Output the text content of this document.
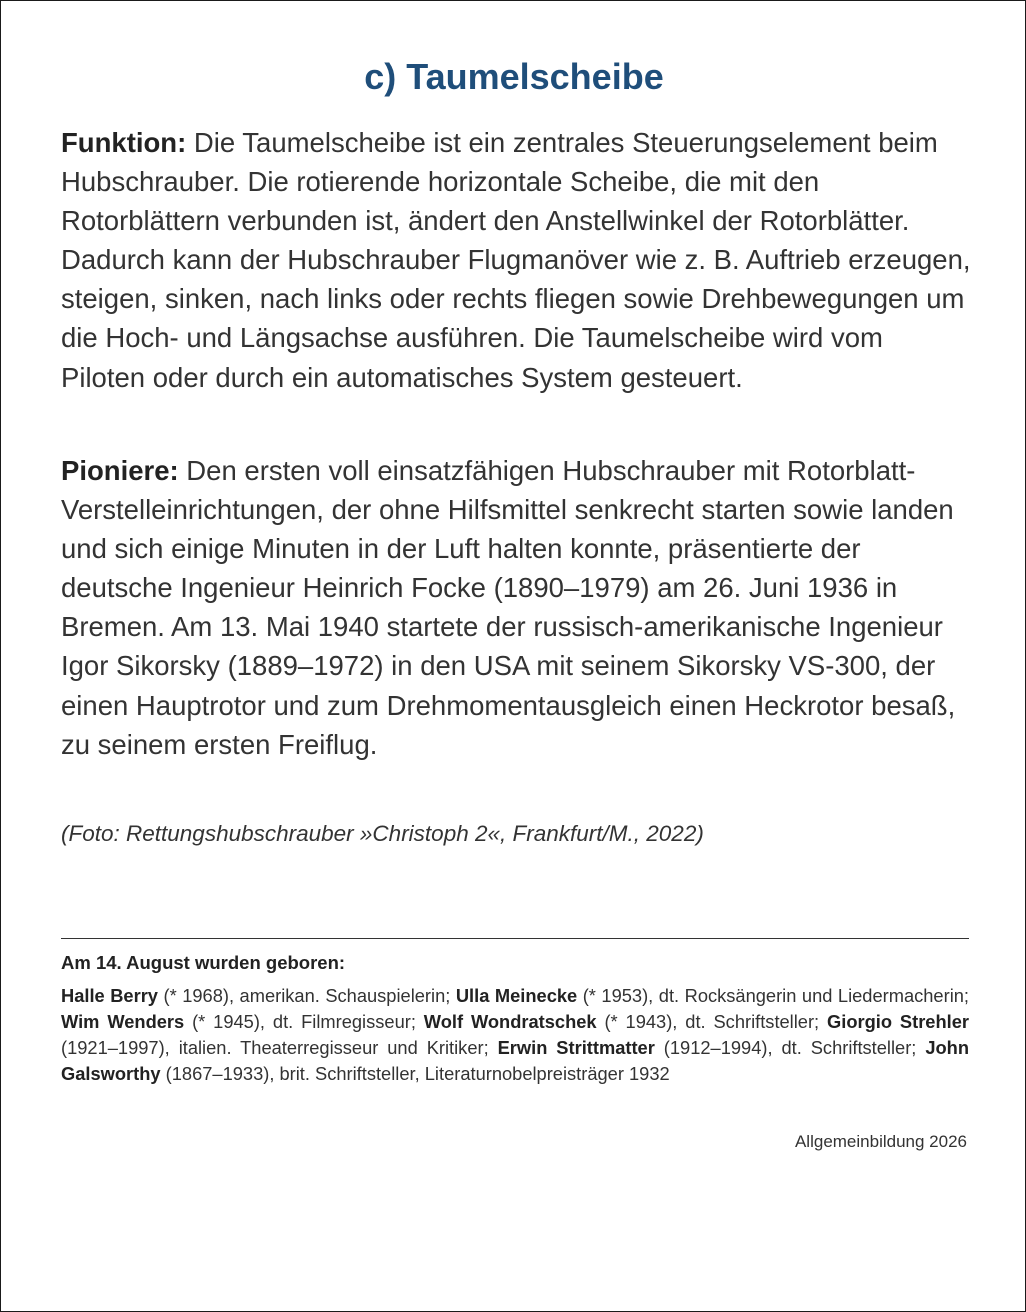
c) Taumelscheibe

Funktion: Die Taumelscheibe ist ein zentrales Steuerungselement beim Hubschrauber. Die rotierende horizontale Scheibe, die mit den Rotorblättern verbunden ist, ändert den Anstellwinkel der Rotorblätter. Dadurch kann der Hubschrauber Flugmanöver wie z. B. Auftrieb erzeugen, steigen, sinken, nach links oder rechts fliegen sowie Drehbewegungen um die Hoch- und Längsachse ausführen. Die Taumelscheibe wird vom Piloten oder durch ein automatisches System gesteuert.

Pioniere: Den ersten voll einsatzfähigen Hubschrauber mit Rotorblatt-Verstelleinrichtungen, der ohne Hilfsmittel senkrecht starten sowie landen und sich einige Minuten in der Luft halten konnte, präsentierte der deutsche Ingenieur Heinrich Focke (1890–1979) am 26. Juni 1936 in Bremen. Am 13. Mai 1940 startete der russisch-amerikanische Ingenieur Igor Sikorsky (1889–1972) in den USA mit seinem Sikorsky VS-300, der einen Hauptrotor und zum Drehmomentausgleich einen Heckrotor besaß, zu seinem ersten Freiflug.

(Foto: Rettungshubschrauber »Christoph 2«, Frankfurt/M., 2022)

Am 14. August wurden geboren:

Halle Berry (* 1968), amerikan. Schauspielerin; Ulla Meinecke (* 1953), dt. Rocksängerin und Liedermacherin; Wim Wenders (* 1945), dt. Filmregisseur; Wolf Wondratschek (* 1943), dt. Schriftsteller; Giorgio Strehler (1921–1997), italien. Theaterregisseur und Kritiker; Erwin Strittmatter (1912–1994), dt. Schriftsteller; John Galsworthy (1867–1933), brit. Schriftsteller, Literaturnobelpreisträger 1932

Allgemeinbildung 2026
